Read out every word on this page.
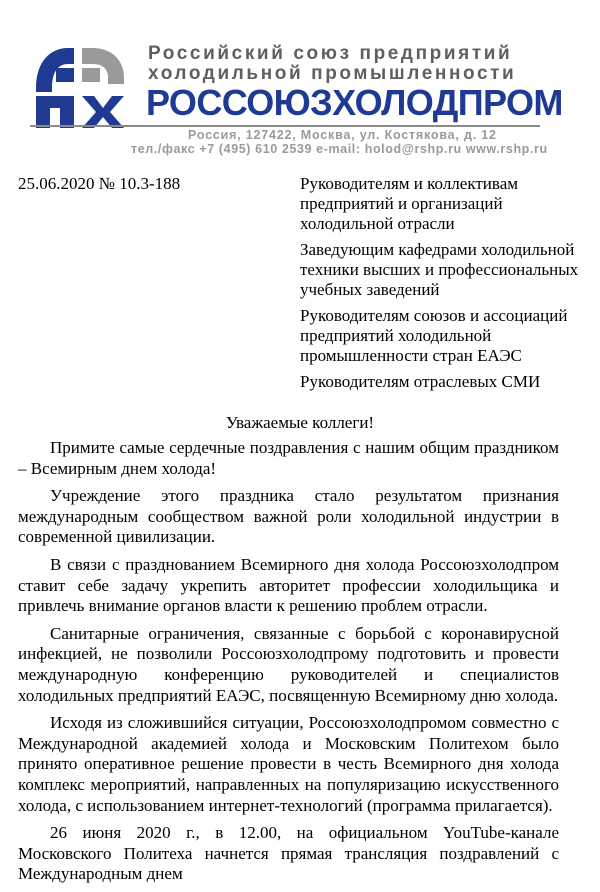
Российский союз предприятий
холодильной промышленности
РОССОЮЗХОЛОДПРОМ
Россия, 127422, Москва, ул. Костякова, д. 12
тел./факс +7 (495) 610 2539 e-mail: holod@rshp.ru www.rshp.ru
25.06.2020 № 10.3-188	Руководителям и коллективам предприятий и организаций холодильной отрасли

Заведующим кафедрами холодильной техники высших и профессиональных учебных заведений

Руководителям союзов и ассоциаций предприятий холодильной промышленности стран ЕАЭС

Руководителям отраслевых СМИ

Уважаемые коллеги!

Примите самые сердечные поздравления с нашим общим праздником – Всемирным днем холода!

Учреждение этого праздника стало результатом признания международным сообществом важной роли холодильной индустрии в современной цивилизации.

В связи с празднованием Всемирного дня холода Россоюзхолодпром ставит себе задачу укрепить авторитет профессии холодильщика и привлечь внимание органов власти к решению проблем отрасли.

Санитарные ограничения, связанные с борьбой с коронавирусной инфекцией, не позволили Россоюзхолодпрому подготовить и провести международную конференцию руководителей и специалистов холодильных предприятий ЕАЭС, посвященную Всемирному дню холода.

Исходя из сложившийся ситуации, Россоюзхолодпромом совместно с Международной академией холода и Московским Политехом было принято оперативное решение провести в честь Всемирного дня холода комплекс мероприятий, направленных на популяризацию искусственного холода, с использованием интернет-технологий (программа прилагается).

26 июня 2020 г., в 12.00, на официальном YouTube-канале Московского Политеха начнется прямая трансляция поздравлений с Международным днем
